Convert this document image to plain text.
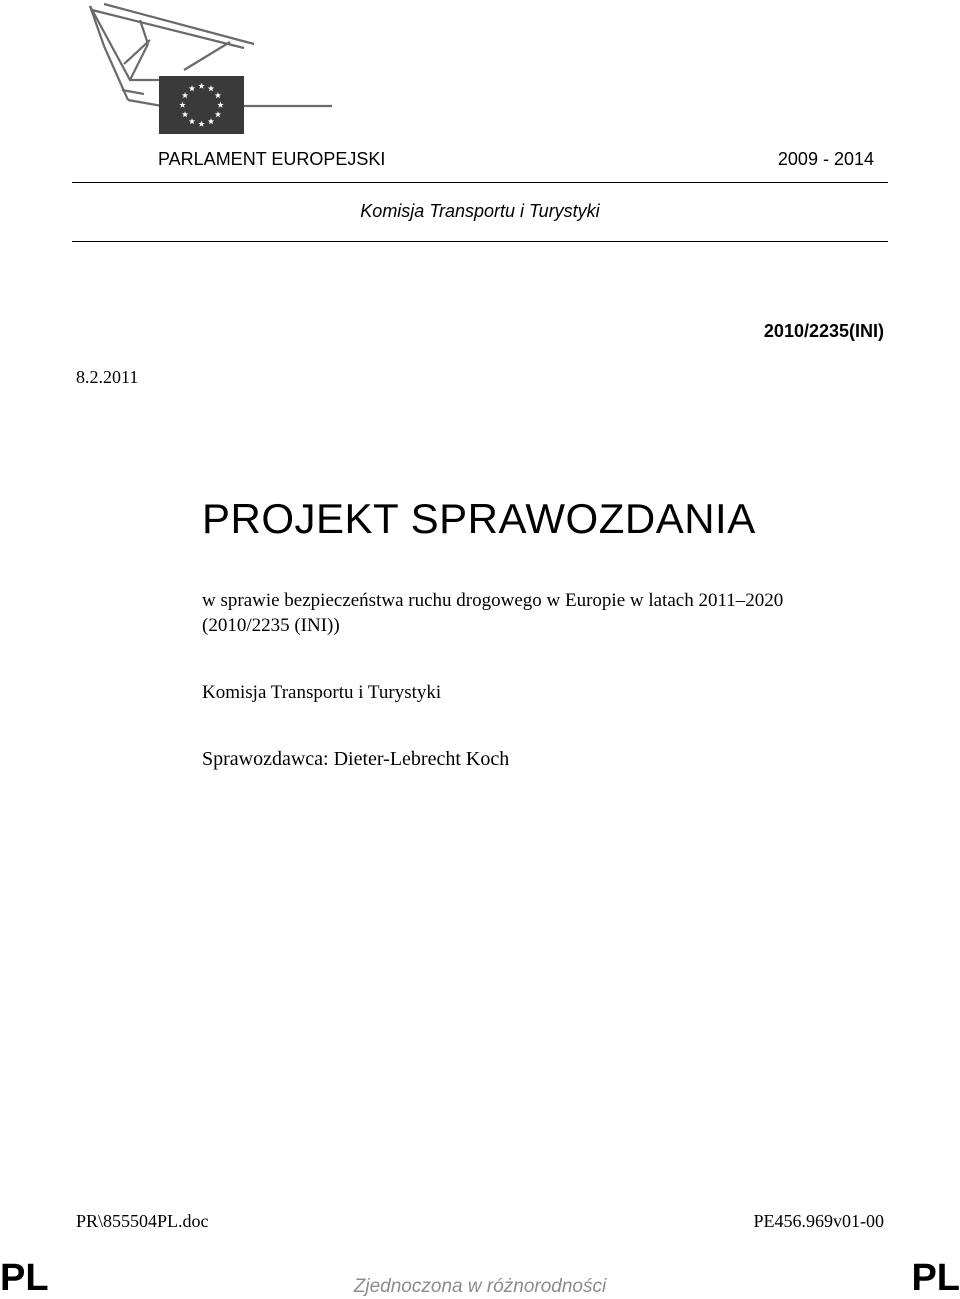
PARLAMENT EUROPEJSKI	2009 - 2014
Komisja Transportu i Turystyki
2010/2235(INI)
8.2.2011
PROJEKT SPRAWOZDANIA
w sprawie bezpieczeństwa ruchu drogowego w Europie w latach 2011–2020
(2010/2235 (INI))
Komisja Transportu i Turystyki
Sprawozdawca: Dieter-Lebrecht Koch
PR\855504PL.doc	PE456.969v01-00
PL	Zjednoczona w różnorodności	PL
